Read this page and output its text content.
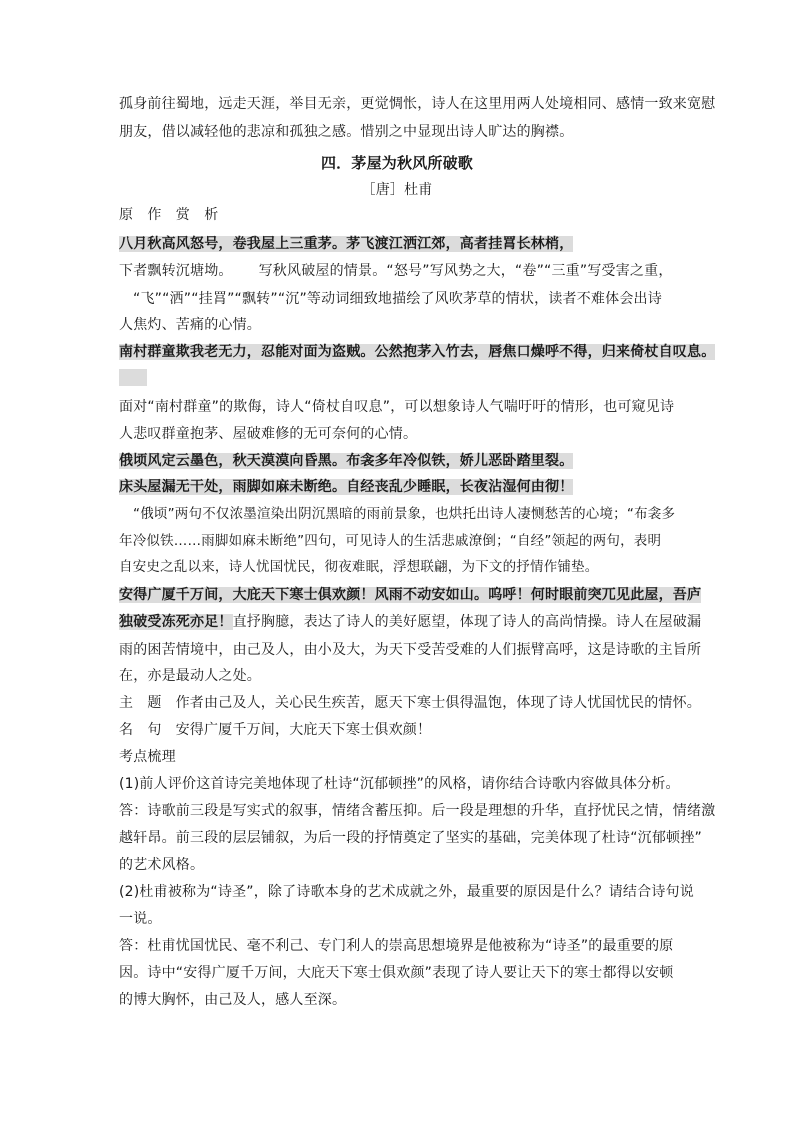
孤身前往蜀地，远走天涯，举目无亲，更觉惆怅，诗人在这里用两人处境相同、感情一致来宽慰
朋友，借以减轻他的悲凉和孤独之感。惜别之中显现出诗人旷达的胸襟。
四．茅屋为秋风所破歌
［唐］杜甫
原　作　赏　析
八月秋高风怒号，卷我屋上三重茅。茅飞渡江洒江郊，高者挂罥长林梢，
下者飘转沉塘坳。 写秋风破屋的情景。“怒号”写风势之大，“卷”“三重”写受害之重，
“飞”“洒”“挂罥”“飘转”“沉”等动词细致地描绘了风吹茅草的情状，读者不难体会出诗
人焦灼、苦痛的心情。
南村群童欺我老无力，忍能对面为盗贼。公然抱茅入竹去，唇焦口燥呼不得，归来倚杖自叹息。
面对“南村群童”的欺侮，诗人“倚杖自叹息”，可以想象诗人气喘吁吁的情形，也可窥见诗
人悲叹群童抱茅、屋破难修的无可奈何的心情。
俄顷风定云墨色，秋天漠漠向昏黑。布衾多年冷似铁，娇儿恶卧踏里裂。
床头屋漏无干处，雨脚如麻未断绝。自经丧乱少睡眠，长夜沾湿何由彻！
“俄顷”两句不仅浓墨渲染出阴沉黑暗的雨前景象，也烘托出诗人凄恻愁苦的心境；“布衾多
年冷似铁……雨脚如麻未断绝”四句，可见诗人的生活悲戚潦倒；“自经”领起的两句，表明
自安史之乱以来，诗人忧国忧民，彻夜难眠，浮想联翩，为下文的抒情作铺垫。
安得广厦千万间，大庇天下寒士俱欢颜！风雨不动安如山。呜呼！何时眼前突兀见此屋，吾庐
独破受冻死亦足！直抒胸臆，表达了诗人的美好愿望，体现了诗人的高尚情操。诗人在屋破漏
雨的困苦情境中，由己及人，由小及大，为天下受苦受难的人们振臂高呼，这是诗歌的主旨所
在，亦是最动人之处。
主　题 作者由己及人，关心民生疾苦，愿天下寒士俱得温饱，体现了诗人忧国忧民的情怀。
名　句 安得广厦千万间，大庇天下寒士俱欢颜！
考点梳理
(1)前人评价这首诗完美地体现了杜诗“沉郁顿挫”的风格，请你结合诗歌内容做具体分析。
答：诗歌前三段是写实式的叙事，情绪含蓄压抑。后一段是理想的升华，直抒忧民之情，情绪激
越轩昂。前三段的层层铺叙，为后一段的抒情奠定了坚实的基础，完美体现了杜诗“沉郁顿挫”
的艺术风格。
(2)杜甫被称为“诗圣”，除了诗歌本身的艺术成就之外，最重要的原因是什么？请结合诗句说
一说。
答：杜甫忧国忧民、毫不利己、专门利人的崇高思想境界是他被称为“诗圣”的最重要的原
因。诗中“安得广厦千万间，大庇天下寒士俱欢颜”表现了诗人要让天下的寒士都得以安顿
的博大胸怀，由己及人，感人至深。
